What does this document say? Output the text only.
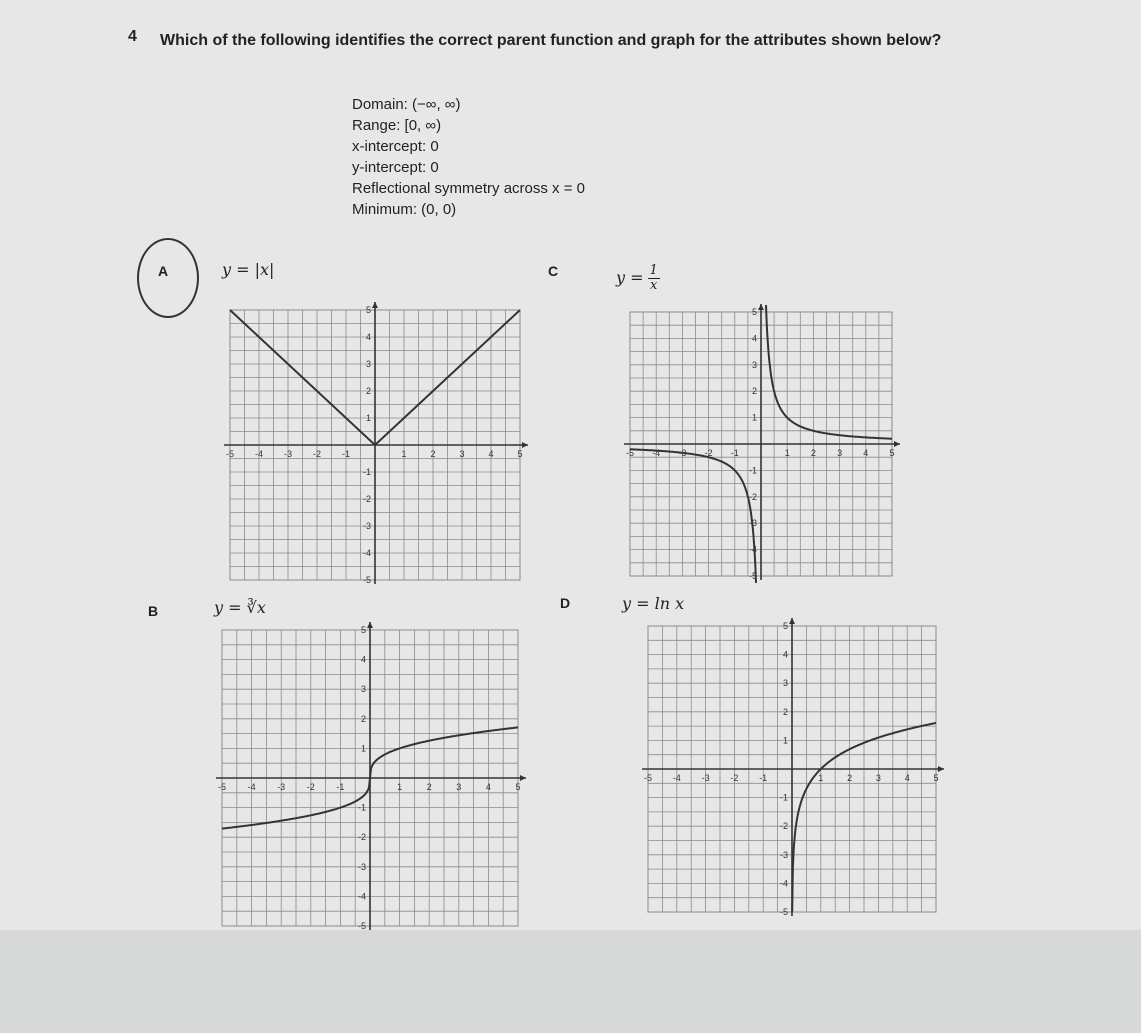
4 Which of the following identifies the correct parent function and graph for the attributes shown below?
Domain: (−∞, ∞)
Range: [0, ∞)
x-intercept: 0
y-intercept: 0
Reflectional symmetry across x = 0
Minimum: (0, 0)
A	y = |x|	C	$y = \frac{1}{x}$
B	y = ∛x	D	y = ln x
-5
-5
-4
-4
-3
-3
-2
-2
-1
-1
1
1
2
2
3
3
4
4
5
5
-5
-5
-4
-4
-3
-3
-2
-2
-1
-1
1
1
2
2
3
3
4
4
5
5
-5
-5
-4
-4
-3
-3
-2
-2
-1
-1
1
1
2
2
3
3
4
4
5
5
-5
-5
-4
-4
-3
-3
-2
-2
-1
-1
1
1
2
2
3
3
4
4
5
5
